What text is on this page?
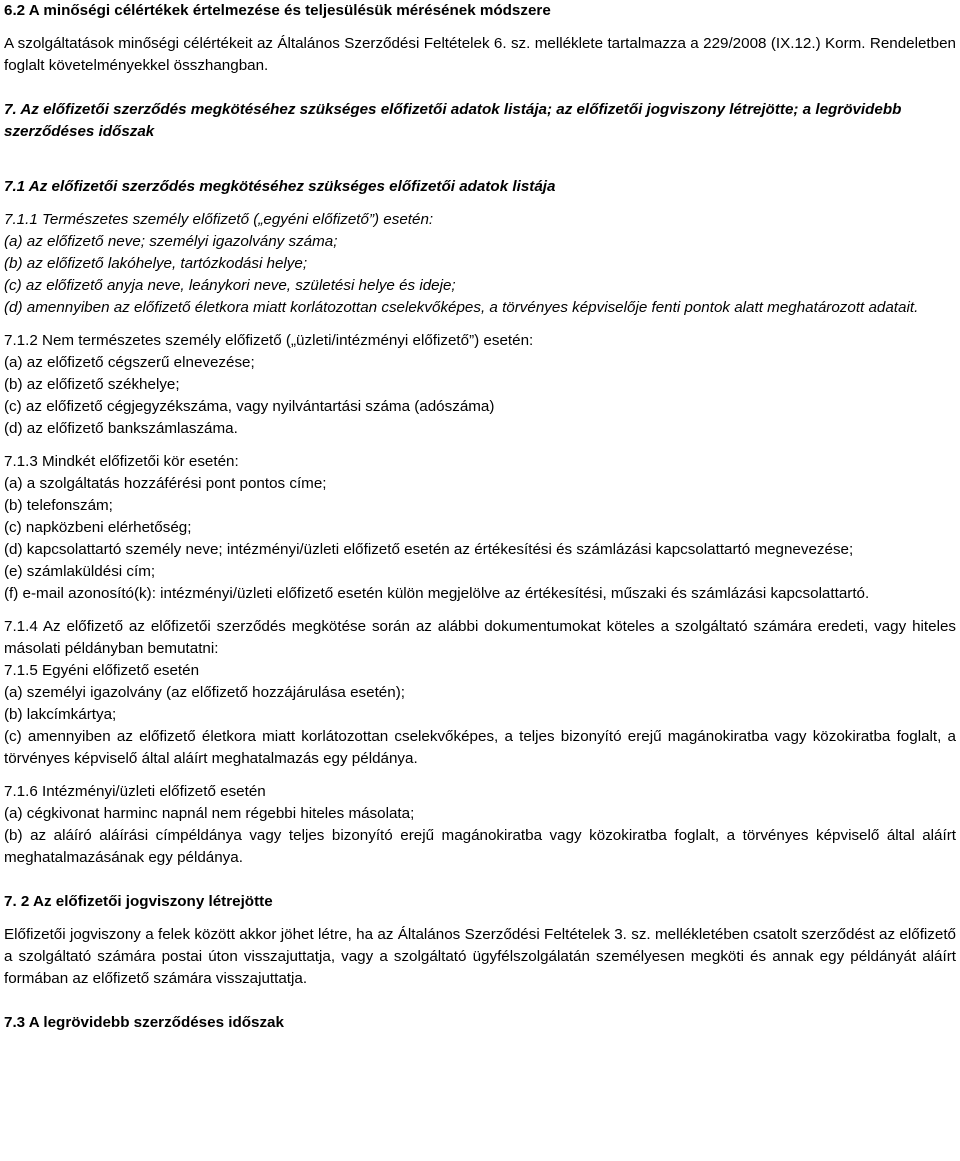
6.2 A minőségi célértékek értelmezése és teljesülésük mérésének módszere

A szolgáltatások minőségi célértékeit az Általános Szerződési Feltételek 6. sz. melléklete tartalmazza a 229/2008 (IX.12.) Korm. Rendeletben foglalt követelményekkel összhangban.

7. Az előfizetői szerződés megkötéséhez szükséges előfizetői adatok listája; az előfizetői jogviszony létrejötte; a legrövidebb szerződéses időszak

7.1 Az előfizetői szerződés megkötéséhez szükséges előfizetői adatok listája

7.1.1 Természetes személy előfizető („egyéni előfizető”) esetén:

(a) az előfizető neve; személyi igazolvány száma;

(b) az előfizető lakóhelye, tartózkodási helye;

(c) az előfizető anyja neve, leánykori neve, születési helye és ideje;

(d) amennyiben az előfizető életkora miatt korlátozottan cselekvőképes, a törvényes képviselője fenti pontok alatt meghatározott adatait.

7.1.2 Nem természetes személy előfizető („üzleti/intézményi előfizető”) esetén:

(a) az előfizető cégszerű elnevezése;

(b) az előfizető székhelye;

(c) az előfizető cégjegyzékszáma, vagy nyilvántartási száma (adószáma)

(d) az előfizető bankszámlaszáma.

7.1.3 Mindkét előfizetői kör esetén:

(a) a szolgáltatás hozzáférési pont pontos címe;

(b) telefonszám;

(c) napközbeni elérhetőség;

(d) kapcsolattartó személy neve; intézményi/üzleti előfizető esetén az értékesítési és számlázási kapcsolattartó megnevezése;

(e) számlaküldési cím;

(f) e-mail azonosító(k): intézményi/üzleti előfizető esetén külön megjelölve az értékesítési, műszaki és számlázási kapcsolattartó.

7.1.4 Az előfizető az előfizetői szerződés megkötése során az alábbi dokumentumokat köteles a szolgáltató számára eredeti, vagy hiteles másolati példányban bemutatni:

7.1.5 Egyéni előfizető esetén

(a) személyi igazolvány (az előfizető hozzájárulása esetén);

(b) lakcímkártya;

(c) amennyiben az előfizető életkora miatt korlátozottan cselekvőképes, a teljes bizonyító erejű magánokiratba vagy közokiratba foglalt, a törvényes képviselő által aláírt meghatalmazás egy példánya.

7.1.6 Intézményi/üzleti előfizető esetén

(a) cégkivonat harminc napnál nem régebbi hiteles másolata;

(b) az aláíró aláírási címpéldánya vagy teljes bizonyító erejű magánokiratba vagy közokiratba foglalt, a törvényes képviselő által aláírt meghatalmazásának egy példánya.

7. 2 Az előfizetői jogviszony létrejötte

Előfizetői jogviszony a felek között akkor jöhet létre, ha az Általános Szerződési Feltételek 3. sz. mellékletében csatolt szerződést az előfizető a szolgáltató számára postai úton visszajuttatja, vagy a szolgáltató ügyfélszolgálatán személyesen megköti és annak egy példányát aláírt formában az előfizető számára visszajuttatja.

7.3 A legrövidebb szerződéses időszak
